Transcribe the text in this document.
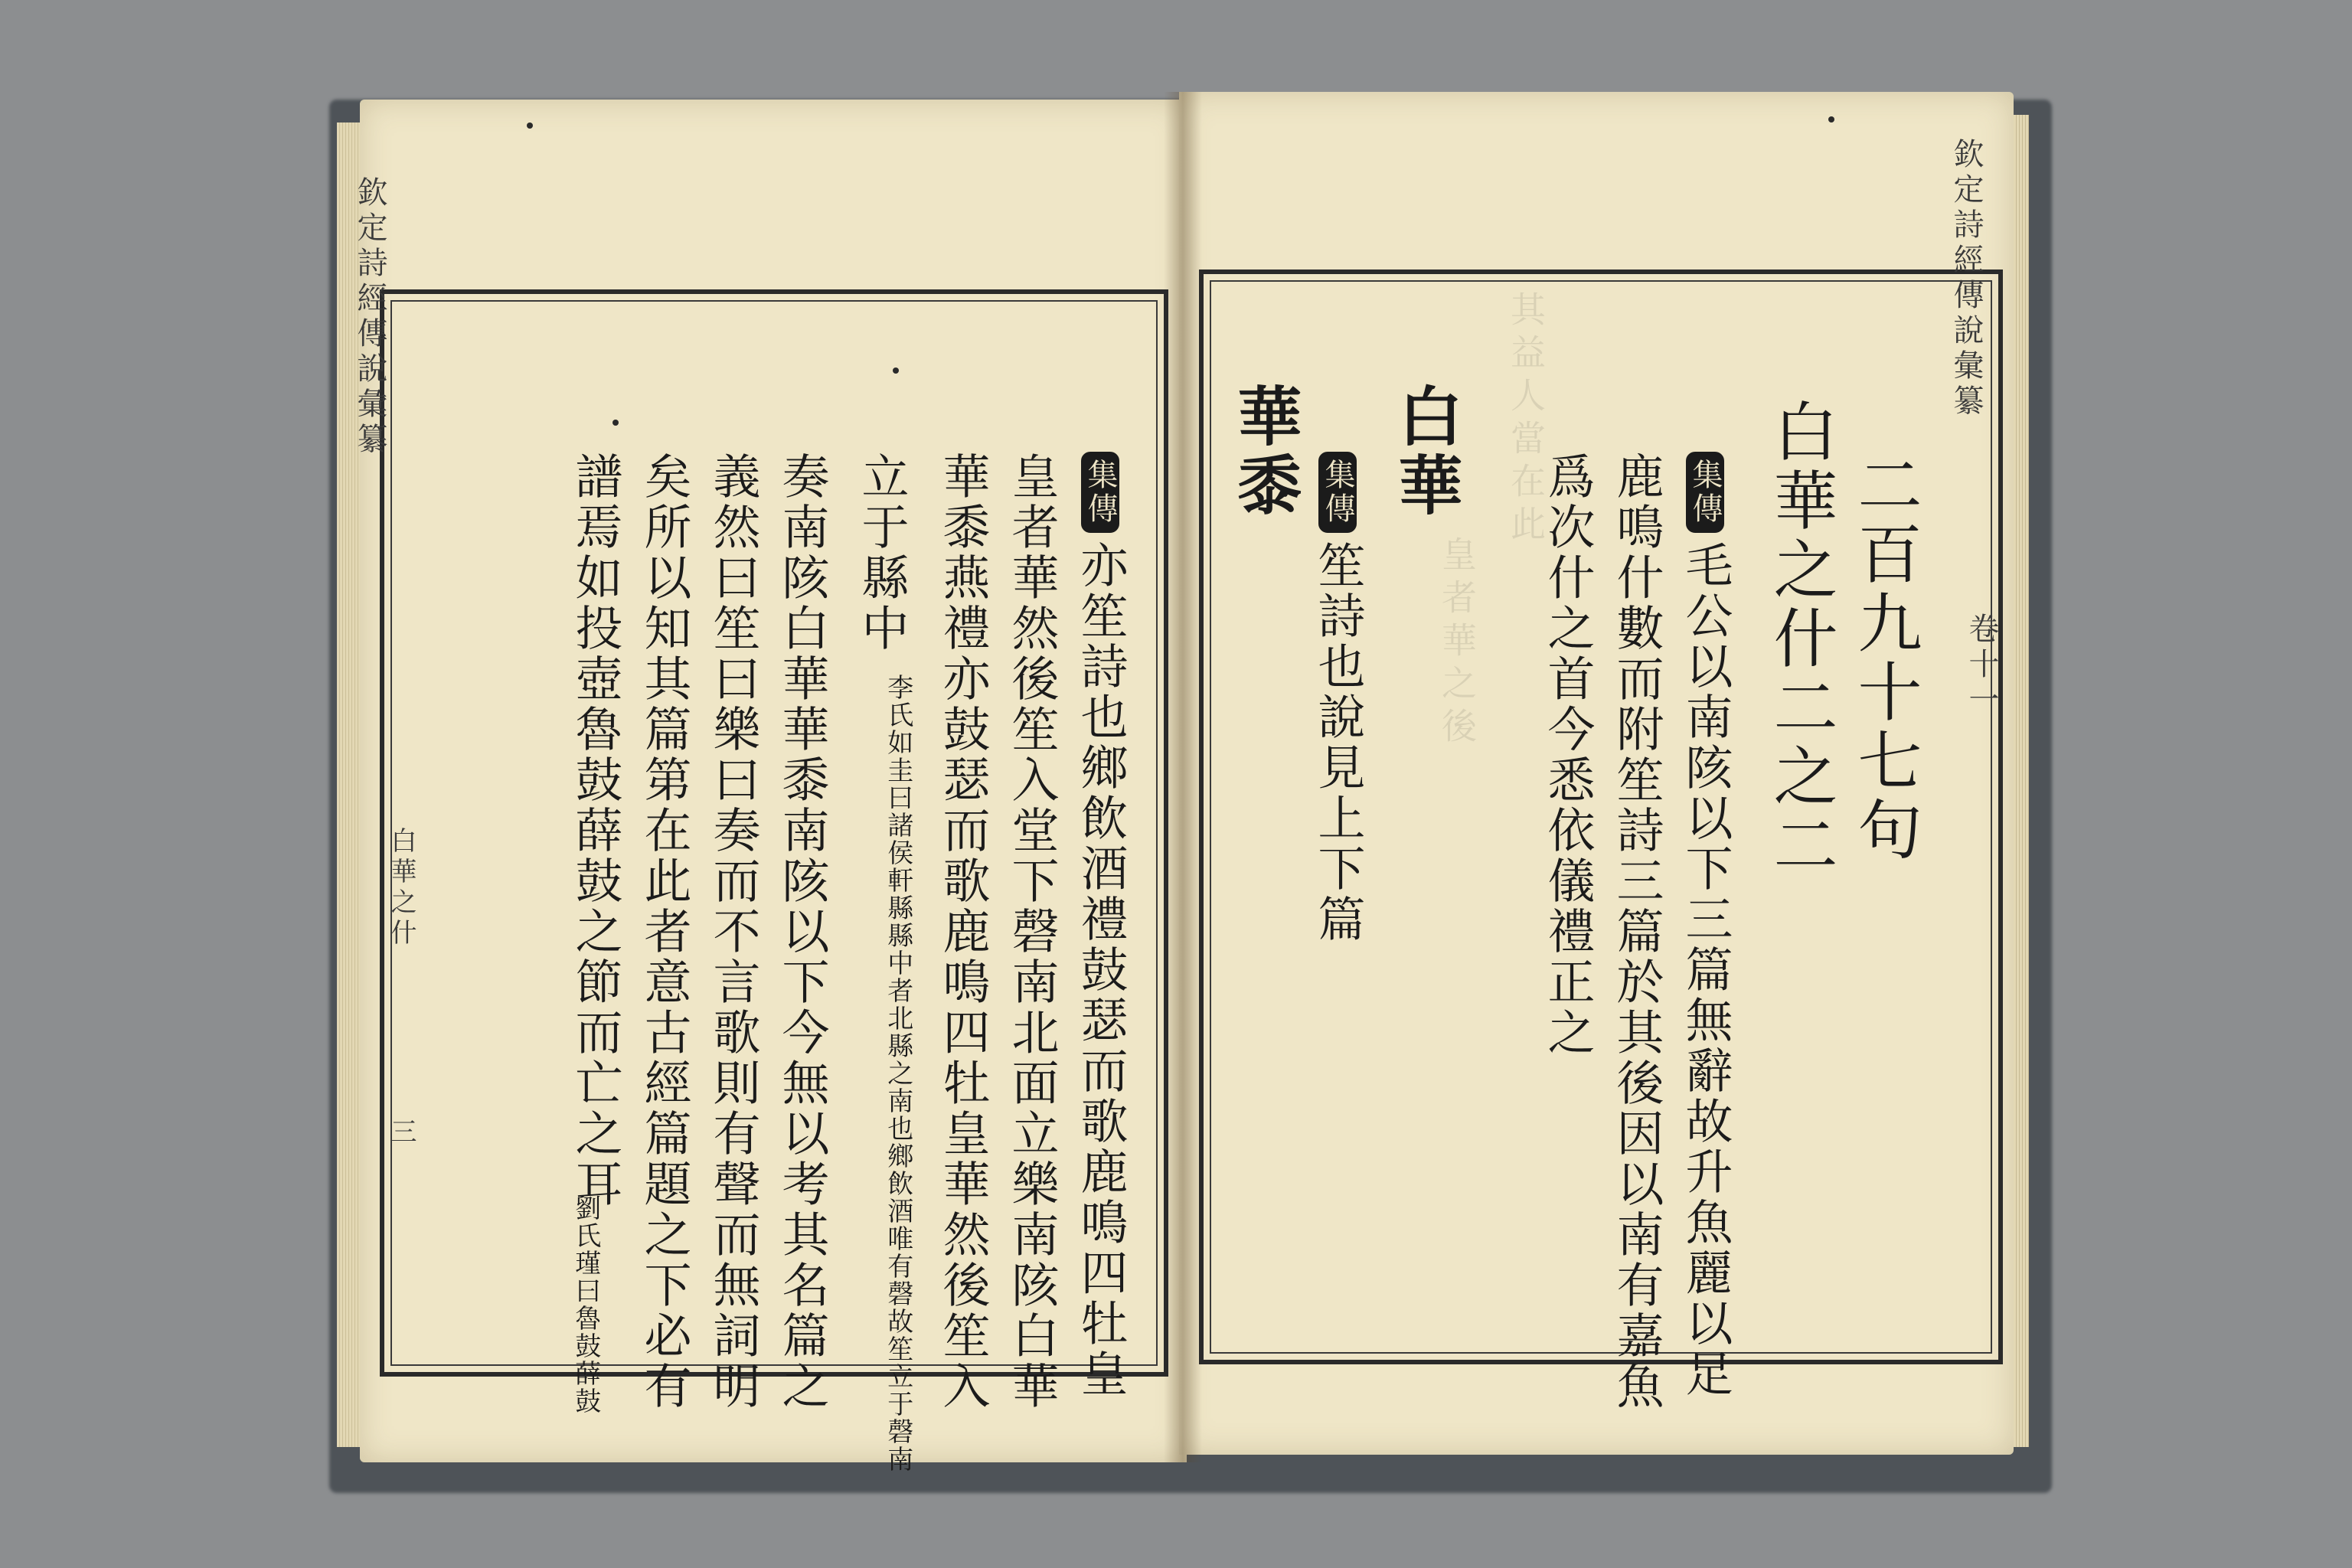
其益人當在此
皇者華之後
欽定詩經傳說彙纂
白華之什
三
集傳亦笙詩也鄉飲酒禮鼓瑟而歌鹿鳴四牡皇
皇者華然後笙入堂下磬南北面立樂南陔白華
華黍燕禮亦鼓瑟而歌鹿鳴四牡皇華然後笙入
立于縣中
李氏如圭曰諸侯軒縣縣中者北縣之南也鄉飲酒唯有磬故笙立于磬南
奏南陔白華華黍南陔以下今無以考其名篇之
義然曰笙曰樂曰奏而不言歌則有聲而無詞明
矣所以知其篇第在此者意古經篇題之下必有
譜焉如投壺魯鼓薛鼓之節而亡之耳
劉氏瑾曰魯鼓薛鼓
欽定詩經傳說彙纂
卷十一
二百九十七句
白華之什二之二
集傳毛公以南陔以下三篇無辭故升魚麗以足
鹿鳴什數而附笙詩三篇於其後因以南有嘉魚
爲次什之首今悉依儀禮正之
白華
集傳笙詩也說見上下篇
華黍
